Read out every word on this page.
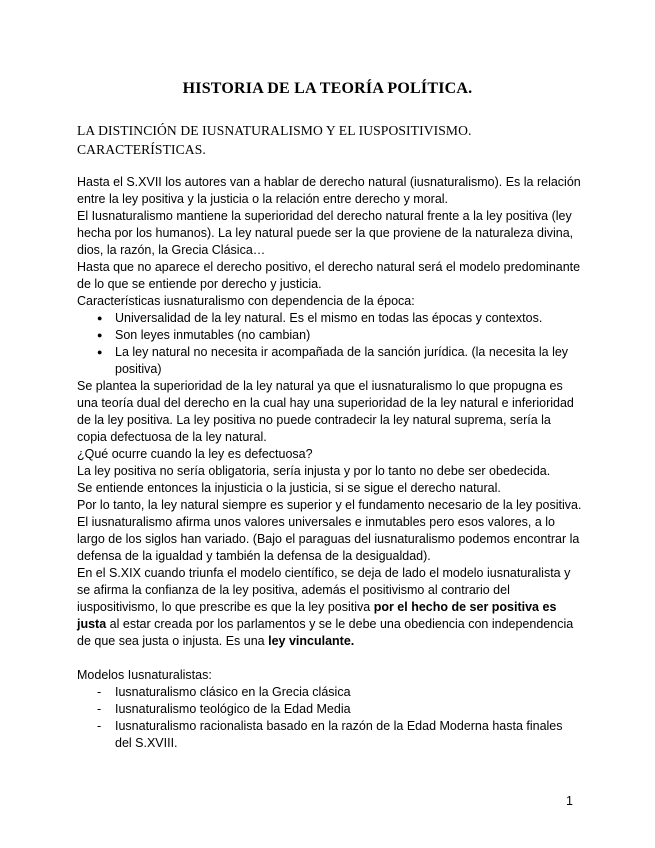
HISTORIA DE LA TEORÍA POLÍTICA.
LA DISTINCIÓN DE IUSNATURALISMO Y EL IUSPOSITIVISMO. CARACTERÍSTICAS.

Hasta el S.XVII los autores van a hablar de derecho natural (iusnaturalismo). Es la relación entre la ley positiva y la justicia o la relación entre derecho y moral.

El Iusnaturalismo mantiene la superioridad del derecho natural frente a la ley positiva (ley hecha por los humanos). La ley natural puede ser la que proviene de la naturaleza divina, dios, la razón, la Grecia Clásica…

Hasta que no aparece el derecho positivo, el derecho natural será el modelo predominante de lo que se entiende por derecho y justicia.

Características iusnaturalismo con dependencia de la época:

● Universalidad de la ley natural. Es el mismo en todas las épocas y contextos.
● Son leyes inmutables (no cambian)
● La ley natural no necesita ir acompañada de la sanción jurídica. (la necesita la ley positiva)

Se plantea la superioridad de la ley natural ya que el iusnaturalismo lo que propugna es una teoría dual del derecho en la cual hay una superioridad de la ley natural e inferioridad de la ley positiva. La ley positiva no puede contradecir la ley natural suprema, sería la copia defectuosa de la ley natural.

¿Qué ocurre cuando la ley es defectuosa?

La ley positiva no sería obligatoria, sería injusta y por lo tanto no debe ser obedecida.

Se entiende entonces la injusticia o la justicia, si se sigue el derecho natural.

Por lo tanto, la ley natural siempre es superior y el fundamento necesario de la ley positiva.

El iusnaturalismo afirma unos valores universales e inmutables pero esos valores, a lo largo de los siglos han variado. (Bajo el paraguas del iusnaturalismo podemos encontrar la defensa de la igualdad y también la defensa de la desigualdad).

En el S.XIX cuando triunfa el modelo científico, se deja de lado el modelo iusnaturalista y se afirma la confianza de la ley positiva, además el positivismo al contrario del iuspositivismo, lo que prescribe es que la ley positiva por el hecho de ser positiva es justa al estar creada por los parlamentos y se le debe una obediencia con independencia de que sea justa o injusta. Es una ley vinculante.

Modelos Iusnaturalistas:

- Iusnaturalismo clásico en la Grecia clásica
- Iusnaturalismo teológico de la Edad Media
- Iusnaturalismo racionalista basado en la razón de la Edad Moderna hasta finales del S.XVIII.
1
